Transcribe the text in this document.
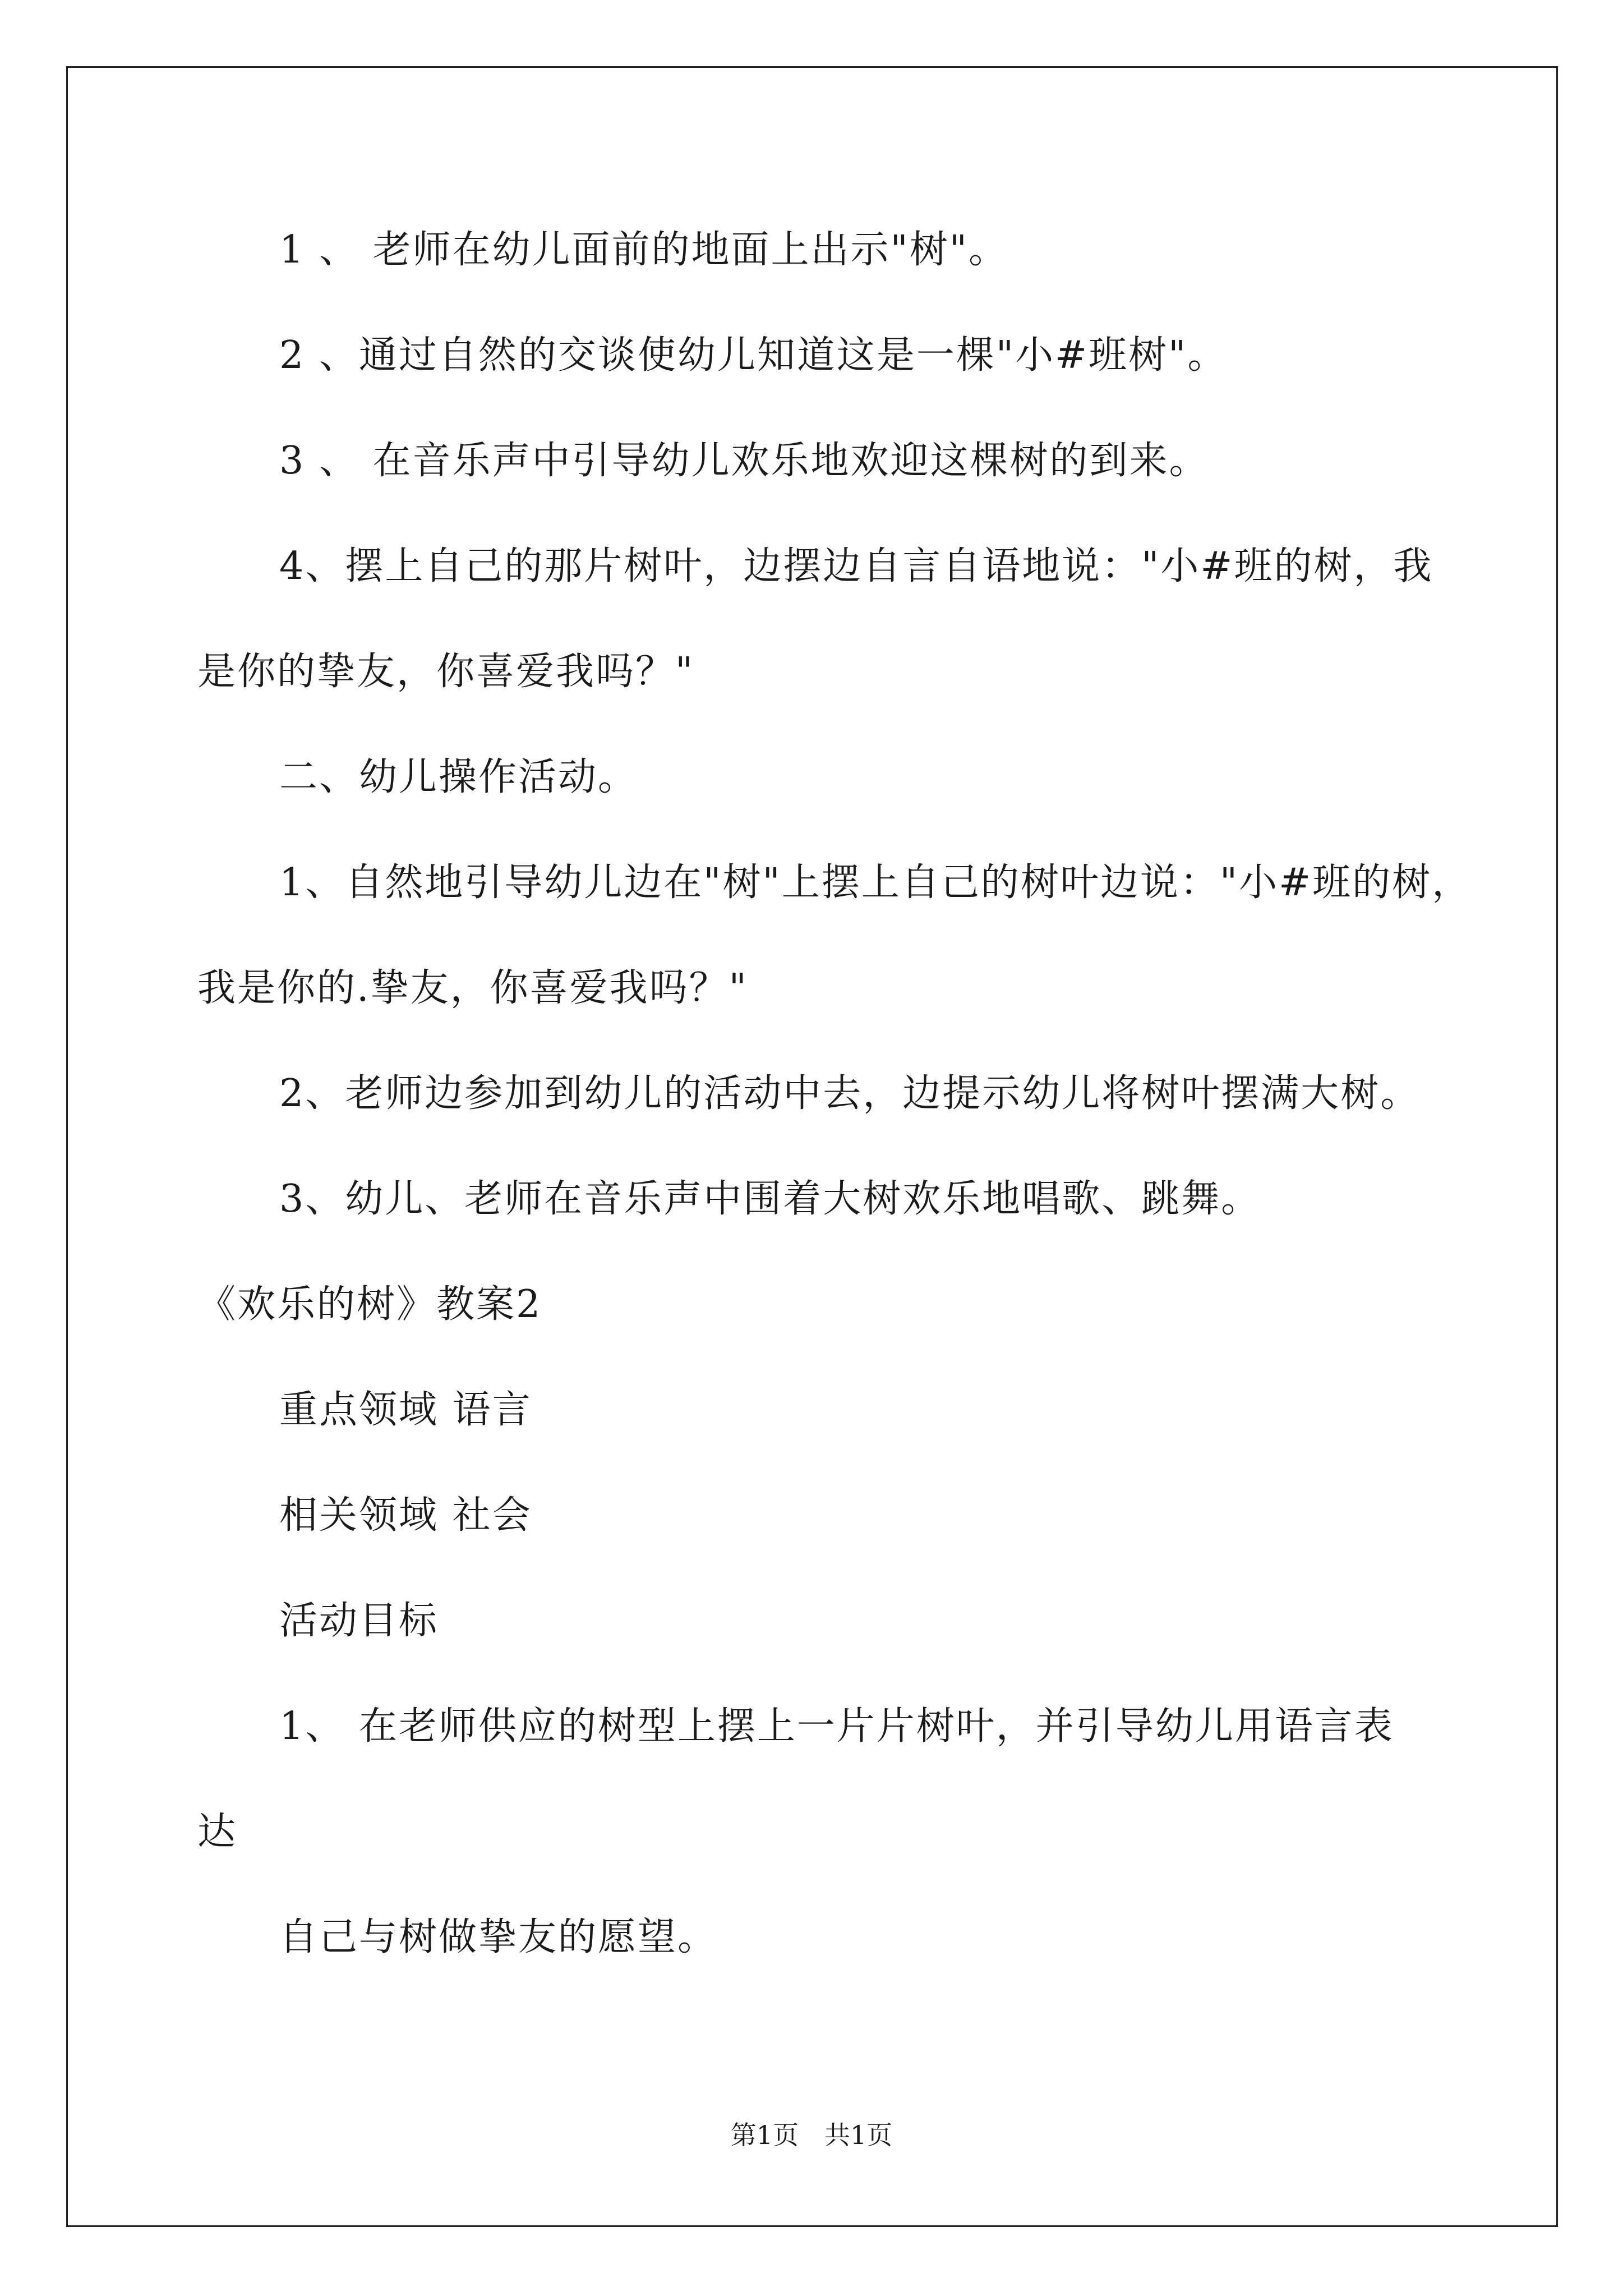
1 、 老师在幼儿面前的地面上出示"树"。
2 、通过自然的交谈使幼儿知道这是一棵"小#班树"。
3 、 在音乐声中引导幼儿欢乐地欢迎这棵树的到来。
4、摆上自己的那片树叶，边摆边自言自语地说："小#班的树，我
是你的挚友，你喜爱我吗？"
二、幼儿操作活动。
1、自然地引导幼儿边在"树"上摆上自己的树叶边说："小#班的树，
我是你的.挚友，你喜爱我吗？"
2、老师边参加到幼儿的活动中去，边提示幼儿将树叶摆满大树。
3、幼儿、老师在音乐声中围着大树欢乐地唱歌、跳舞。
《欢乐的树》教案2
重点领域 语言
相关领域 社会
活动目标
1、 在老师供应的树型上摆上一片片树叶，并引导幼儿用语言表
达
自己与树做挚友的愿望。
第1页　共1页
